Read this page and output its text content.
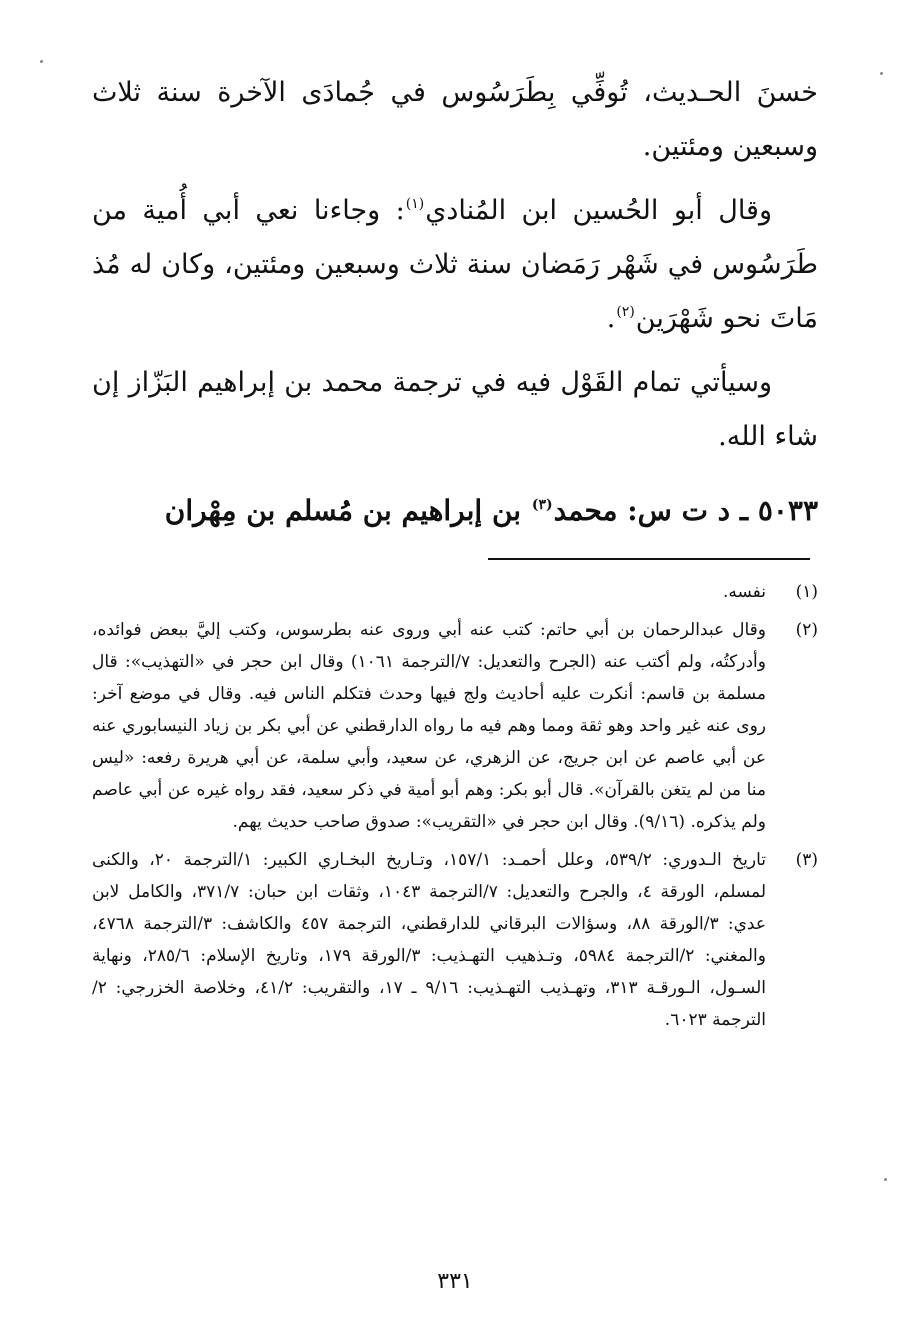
خسنَ الحـديث، تُوفِّي بِطَرَسُوس في جُمادَى الآخرة سنة ثلاث وسبعين ومئتين.

وقال أبو الحُسين ابن المُنادي$^{(١)}$: وجاءنا نعي أبي أُمية من طَرَسُوس في شَهْر رَمَضان سنة ثلاث وسبعين ومئتين، وكان له مُذ مَاتَ نحو شَهْرَين$^{(٢)}$.

وسيأتي تمام القَوْل فيه في ترجمة محمد بن إبراهيم البَزّاز إن شاء الله.

٥٠٣٣ ـ د ت س: محمد$^{(٣)}$ بن إبراهيم بن مُسلم بن مِهْران
(١)
نفسه.
(٢)
وقال عبدالرحمان بن أبي حاتم: كتب عنه أبي وروى عنه بطرسوس، وكتب إليَّ ببعض فوائده، وأدركتُه، ولم أكتب عنه (الجرح والتعديل: ٧/الترجمة ١٠٦١) وقال ابن حجر في «التهذيب»: قال مسلمة بن قاسم: أنكرت عليه أحاديث ولج فيها وحدث فتكلم الناس فيه. وقال في موضع آخر: روى عنه غير واحد وهو ثقة ومما وهم فيه ما رواه الدارقطني عن أبي بكر بن زياد النيسابوري عنه عن أبي عاصم عن ابن جريج، عن الزهري، عن سعيد، وأبي سلمة، عن أبي هريرة رفعه: «ليس منا من لم يتغن بالقرآن». قال أبو بكر: وهم أبو أمية في ذكر سعيد، فقد رواه غيره عن أبي عاصم ولم يذكره. (٩/١٦). وقال ابن حجر في «التقريب»: صدوق صاحب حديث يهم.
(٣)
تاريخ الـدوري: ٥٣٩/٢، وعلل أحمـد: ١٥٧/١، وتـاريخ البخـاري الكبير: ١/الترجمة ٢٠، والكنى لمسلم، الورقة ٤، والجرح والتعديل: ٧/الترجمة ١٠٤٣، وثقات ابن حبان: ٣٧١/٧، والكامل لابن عدي: ٣/الورقة ٨٨، وسؤالات البرقاني للدارقطني، الترجمة ٤٥٧ والكاشف: ٣/الترجمة ٤٧٦٨، والمغني: ٢/الترجمة ٥٩٨٤، وتـذهيب التهـذيب: ٣/الورقة ١٧٩، وتاريخ الإسلام: ٢٨٥/٦، ونهاية السـول، الـورقـة ٣١٣، وتهـذيب التهـذيب: ٩/١٦ ـ ١٧، والتقريب: ٤١/٢، وخلاصة الخزرجي: ٢/الترجمة ٦٠٢٣.
٣٣١
